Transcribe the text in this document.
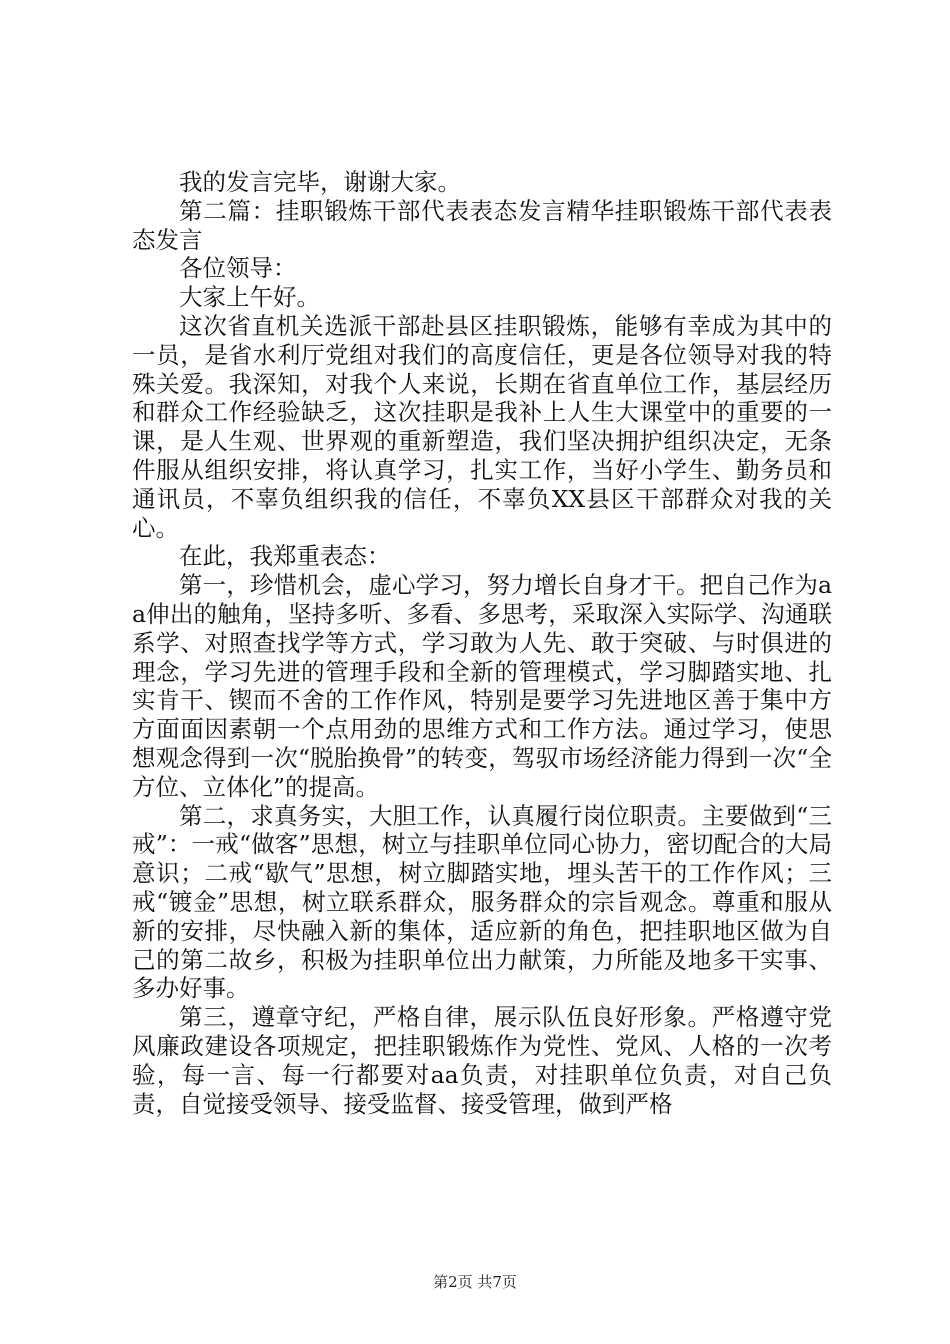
我的发言完毕，谢谢大家。

第二篇：挂职锻炼干部代表表态发言精华挂职锻炼干部代表表态发言

各位领导：

大家上午好。

这次省直机关选派干部赴县区挂职锻炼，能够有幸成为其中的一员，是省水利厅党组对我们的高度信任，更是各位领导对我的特殊关爱。我深知，对我个人来说，长期在省直单位工作，基层经历和群众工作经验缺乏，这次挂职是我补上人生大课堂中的重要的一课，是人生观、世界观的重新塑造，我们坚决拥护组织决定，无条件服从组织安排，将认真学习，扎实工作，当好小学生、勤务员和通讯员，不辜负组织我的信任，不辜负XX县区干部群众对我的关心。

在此，我郑重表态：

第一，珍惜机会，虚心学习，努力增长自身才干。把自己作为aa伸出的触角，坚持多听、多看、多思考，采取深入实际学、沟通联系学、对照查找学等方式，学习敢为人先、敢于突破、与时俱进的理念，学习先进的管理手段和全新的管理模式，学习脚踏实地、扎实肯干、锲而不舍的工作作风，特别是要学习先进地区善于集中方方面面因素朝一个点用劲的思维方式和工作方法。通过学习，使思想观念得到一次“脱胎换骨”的转变，驾驭市场经济能力得到一次“全方位、立体化”的提高。

第二，求真务实，大胆工作，认真履行岗位职责。主要做到“三戒”：一戒“做客”思想，树立与挂职单位同心协力，密切配合的大局意识；二戒“歇气”思想，树立脚踏实地，埋头苦干的工作作风；三戒“镀金”思想，树立联系群众，服务群众的宗旨观念。尊重和服从新的安排，尽快融入新的集体，适应新的角色，把挂职地区做为自己的第二故乡，积极为挂职单位出力献策，力所能及地多干实事、多办好事。

第三，遵章守纪，严格自律，展示队伍良好形象。严格遵守党风廉政建设各项规定，把挂职锻炼作为党性、党风、人格的一次考验，每一言、每一行都要对aa负责，对挂职单位负责，对自己负责，自觉接受领导、接受监督、接受管理，做到严格

第2页 共7页
